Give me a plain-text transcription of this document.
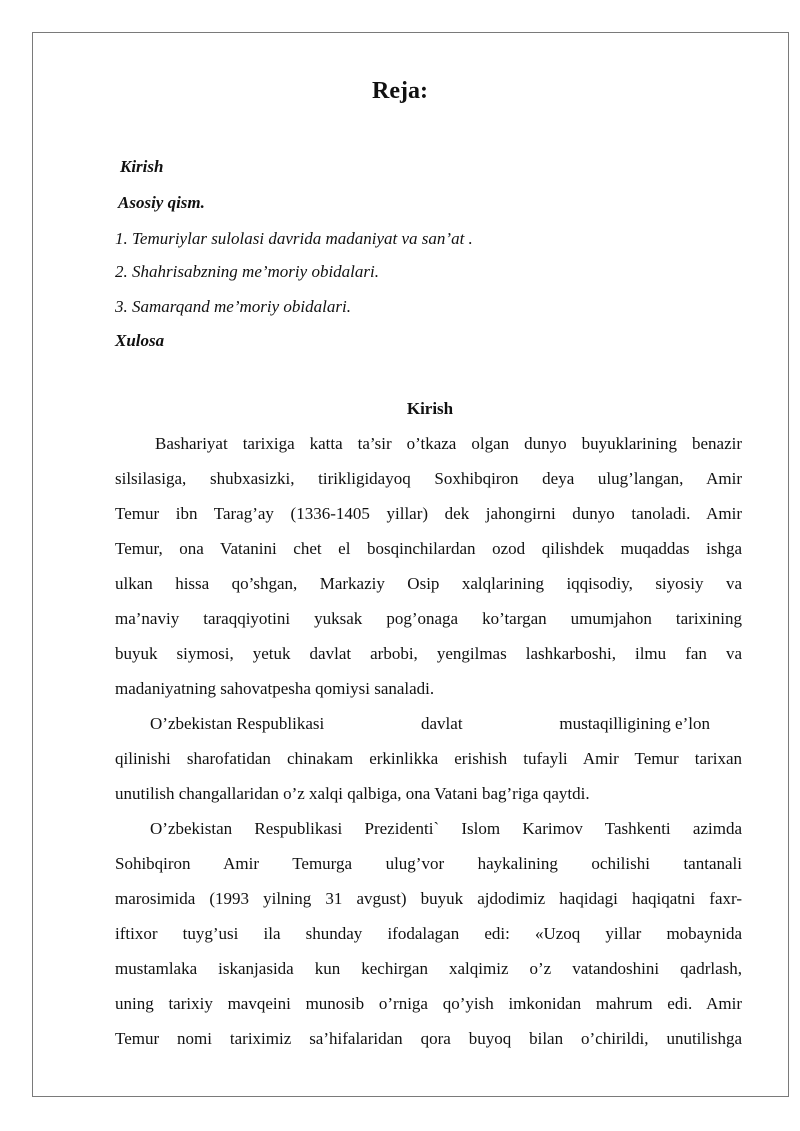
Reja:
Kirish
Asosiy qism.
1. Temuriylar sulolasi davrida madaniyat va san’at .
2. Shahrisabzning me’moriy obidalari.
3. Samarqand me’moriy obidalari.
Xulosa
Kirish
Bashariyat tarixiga katta ta’sir o’tkaza olgan dunyo buyuklarining benazir
silsilasiga, shubxasizki, tirikligidayoq Soxhibqiron deya ulug’langan, Amir
Temur ibn Tarag’ay (1336-1405 yillar) dek jahongirni dunyo tanoladi. Amir
Temur, ona Vatanini chet el bosqinchilardan ozod qilishdek muqaddas ishga
ulkan hissa qo’shgan, Markaziy Osip xalqlarining iqqisodiy, siyosiy va
ma’naviy taraqqiyotini yuksak pog’onaga ko’targan umumjahon tarixining
buyuk siymosi, yetuk davlat arbobi, yengilmas lashkarboshi, ilmu fan va
madaniyatning sahovatpesha qomiysi sanaladi.
O’zbekistan Respublikasi	davlat	mustaqilligining e’lon
qilinishi sharofatidan chinakam erkinlikka erishish tufayli Amir Temur tarixan
unutilish changallaridan o’z xalqi qalbiga, ona Vatani bag’riga qaytdi.
O’zbekistan Respublikasi Prezidenti` Islom Karimov Tashkenti azimda
Sohibqiron Amir Temurga ulug’vor haykalining ochilishi tantanali
marosimida (1993 yilning 31 avgust) buyuk ajdodimiz haqidagi haqiqatni faxr-
iftixor tuyg’usi ila shunday ifodalagan edi: «Uzoq yillar mobaynida
mustamlaka iskanjasida kun kechirgan xalqimiz o’z vatandoshini qadrlash,
uning tarixiy mavqeini munosib o’rniga qo’yish imkonidan mahrum edi. Amir
Temur nomi tariximiz sa’hifalaridan qora buyoq bilan o’chirildi, unutilishga
